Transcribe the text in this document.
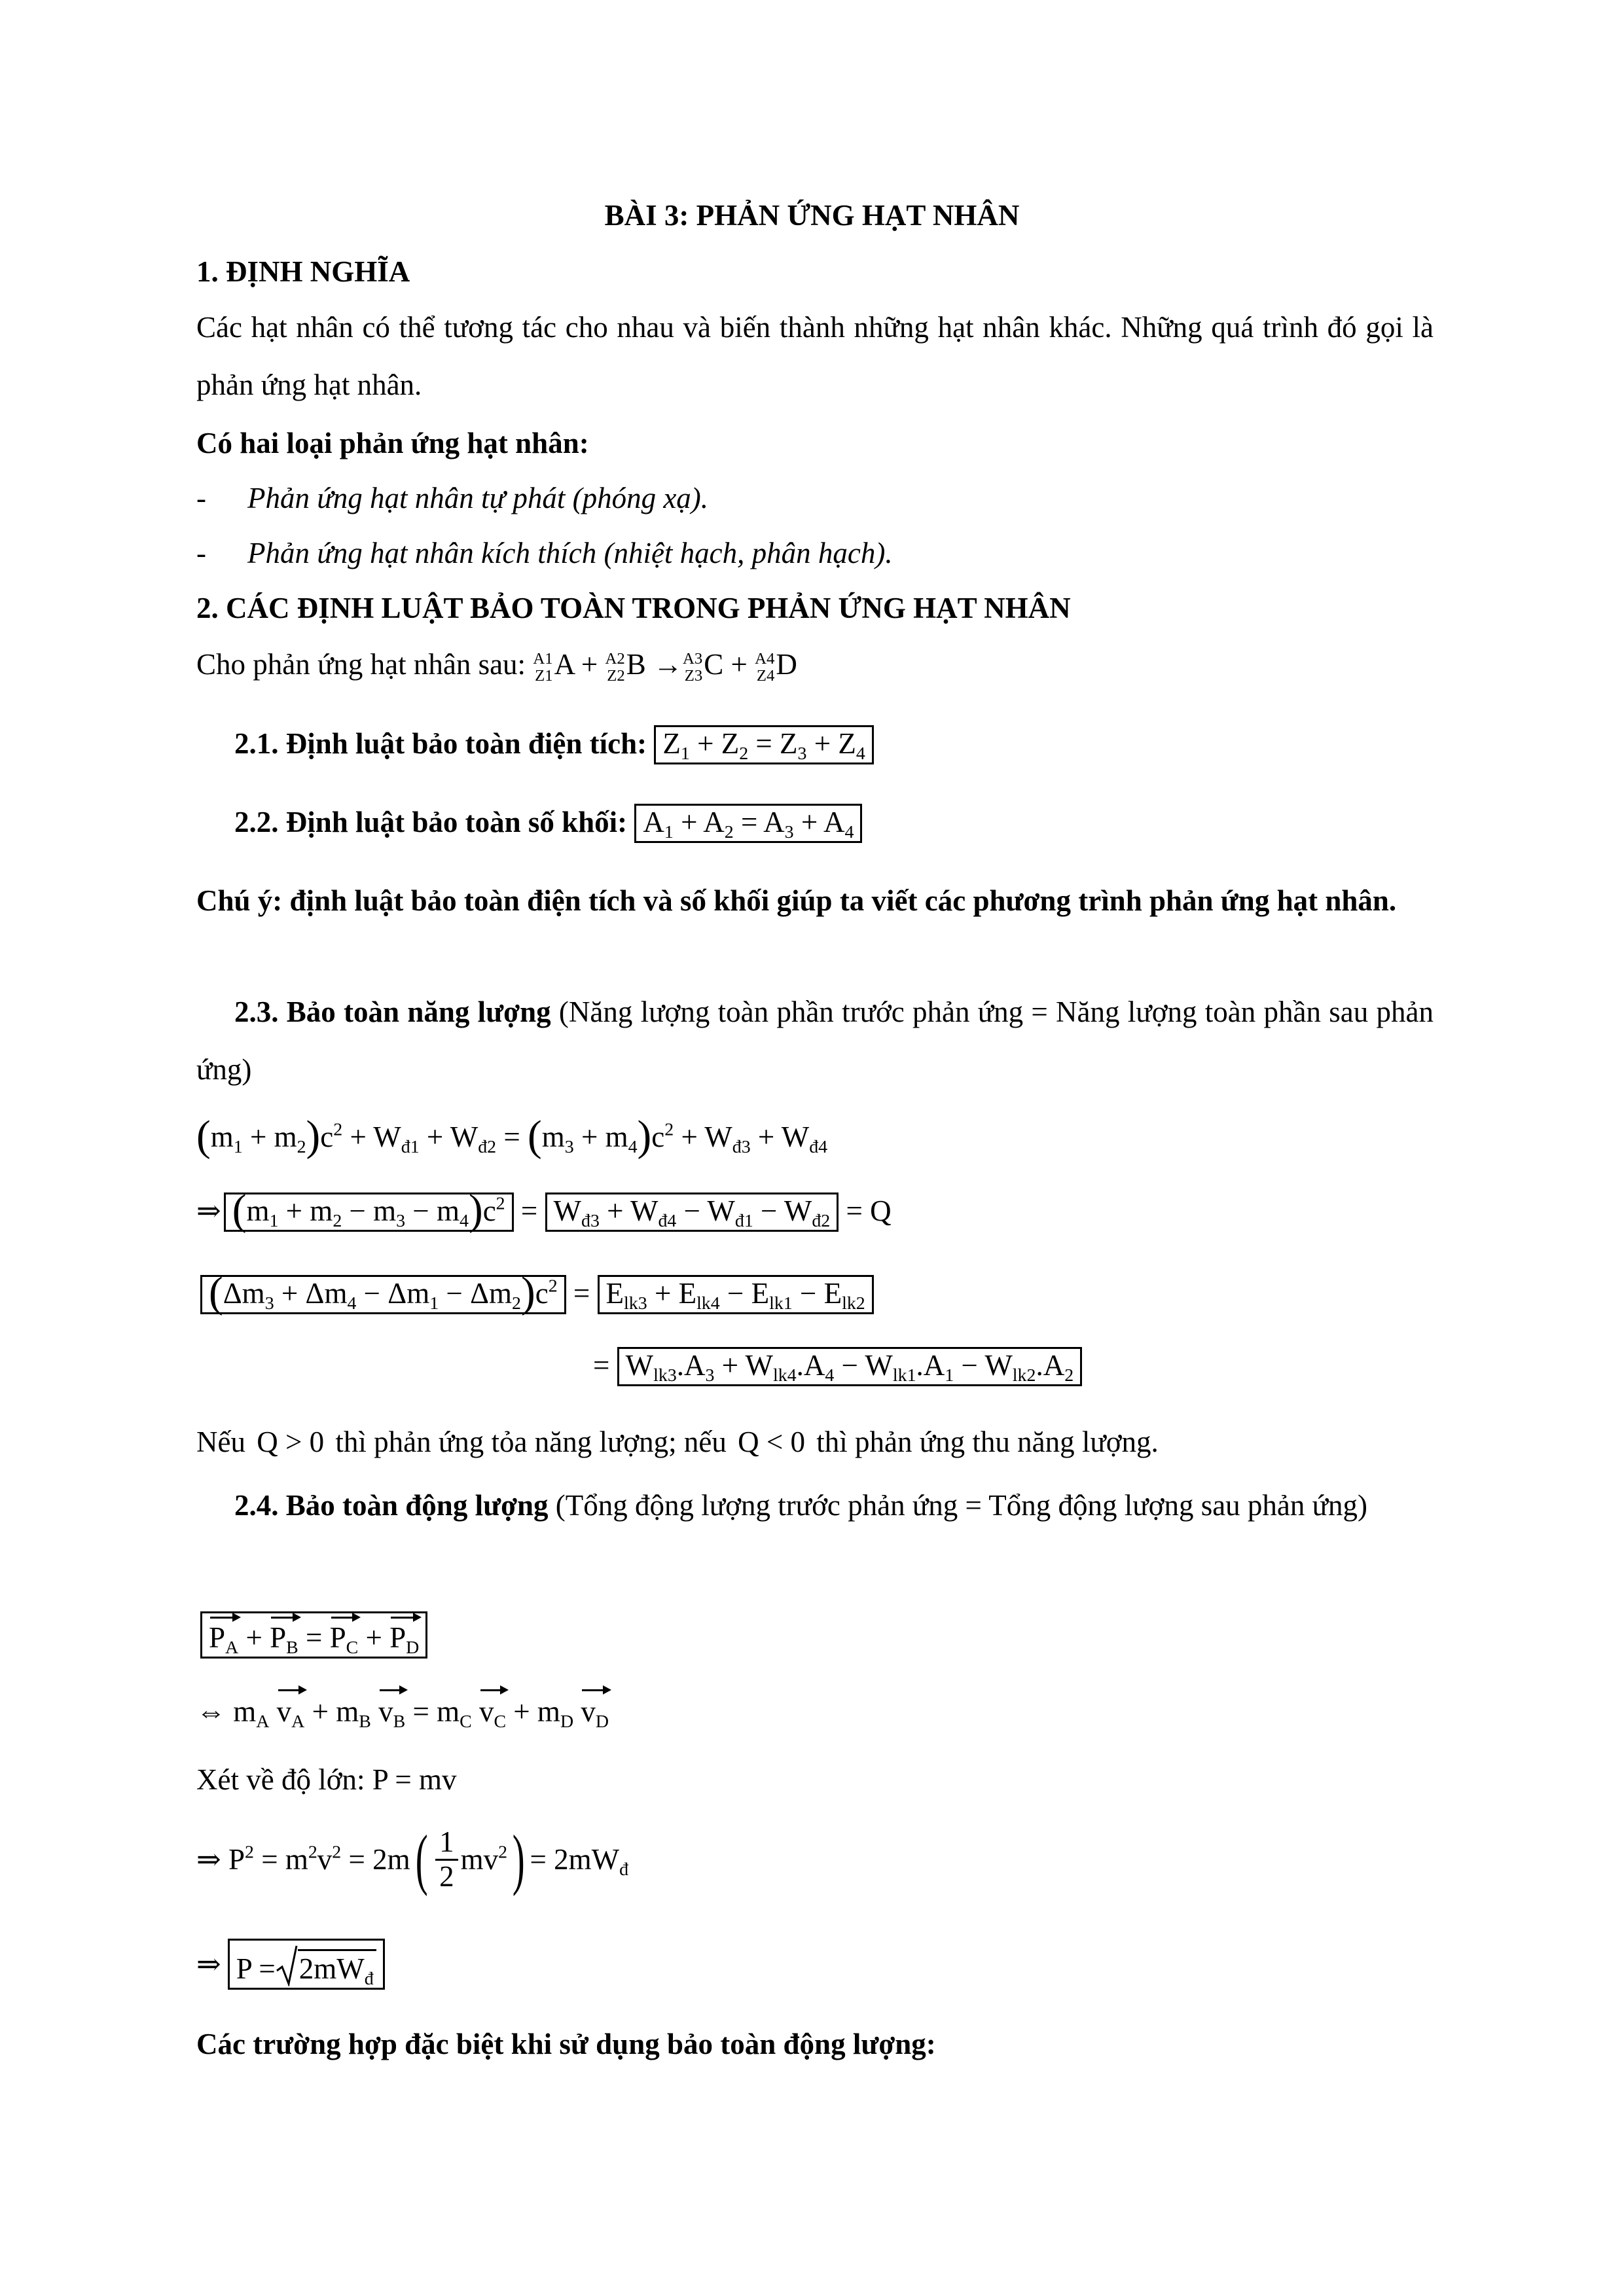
BÀI 3: PHẢN ỨNG HẠT NHÂN
1. ĐỊNH NGHĨA
Các hạt nhân có thể tương tác cho nhau và biến thành những hạt nhân khác. Những quá trình đó gọi là phản ứng hạt nhân.
Có hai loại phản ứng hạt nhân:
- Phản ứng hạt nhân tự phát (phóng xạ).
- Phản ứng hạt nhân kích thích (nhiệt hạch, phân hạch).
2. CÁC ĐỊNH LUẬT BẢO TOÀN TRONG PHẢN ỨNG HẠT NHÂN
Cho phản ứng hạt nhân sau: A1
Z1A + A2
Z2B →A3
Z3C + A4
Z4D
2.1. Định luật bảo toàn điện tích: $Z_1 + Z_2 = Z_3 + Z_4$
2.2. Định luật bảo toàn số khối: $A_1 + A_2 = A_3 + A_4$
Chú ý: định luật bảo toàn điện tích và số khối giúp ta viết các phương trình phản ứng hạt nhân.
2.3. Bảo toàn năng lượng (Năng lượng toàn phần trước phản ứng = Năng lượng toàn phần sau phản ứng)
$(m_1 + m_2)c^2 + W_{đ1} + W_{đ2} = (m_3 + m_4)c^2 + W_{đ3} + W_{đ4}$
⇒ $(m_1 + m_2 - m_3 - m_4)c^2 = W_{đ3} + W_{đ4} - W_{đ1} - W_{đ2} = Q$
$(\Delta m_3 + \Delta m_4 - \Delta m_1 - \Delta m_2)c^2 = E_{lk3} + E_{lk4} - E_{lk1} - E_{lk2}$
= $W_{lk3}.A_3 + W_{lk4}.A_4 - W_{lk1}.A_1 - W_{lk2}.A_2$
Nếu Q > 0 thì phản ứng tỏa năng lượng; nếu Q < 0 thì phản ứng thu năng lượng.
2.4. Bảo toàn động lượng (Tổng động lượng trước phản ứng = Tổng động lượng sau phản ứng)
$P_A + P_B = P_C + P_D$
⇔ $m_A$ $v_A + m_B$ $v_B = m_C$ $v_C + m_D$ $v_D$
Xét về độ lớn: P = mv
⇒ $P^2 = m^2v^2 = 2m$ ( $\frac{1}{2} mv^2$ ) = $2mW_đ$
⇒ $P = 2mW_đ$
Các trường hợp đặc biệt khi sử dụng bảo toàn động lượng:
